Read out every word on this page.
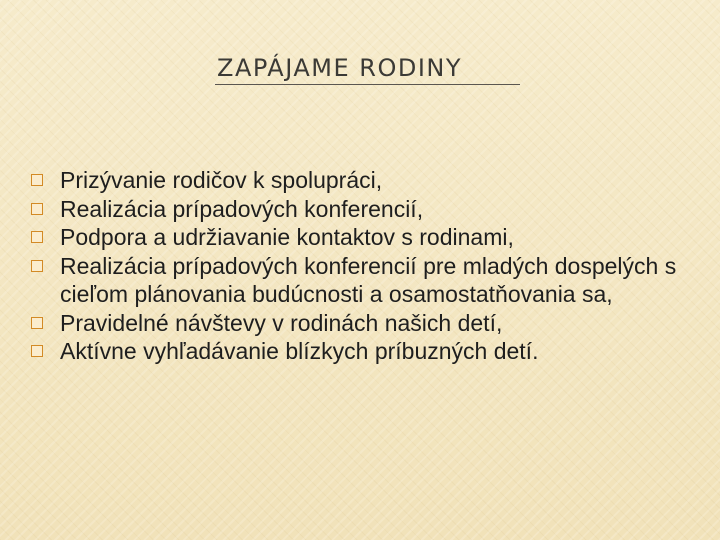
ZAPÁJAME RODINY
Prizývanie rodičov k spolupráci,
Realizácia prípadových konferencií,
Podpora a udržiavanie kontaktov s rodinami,
Realizácia prípadových konferencií pre mladých dospelých s cieľom plánovania budúcnosti a osamostatňovania sa,
Pravidelné návštevy v rodinách našich detí,
Aktívne vyhľadávanie blízkych príbuzných detí.
